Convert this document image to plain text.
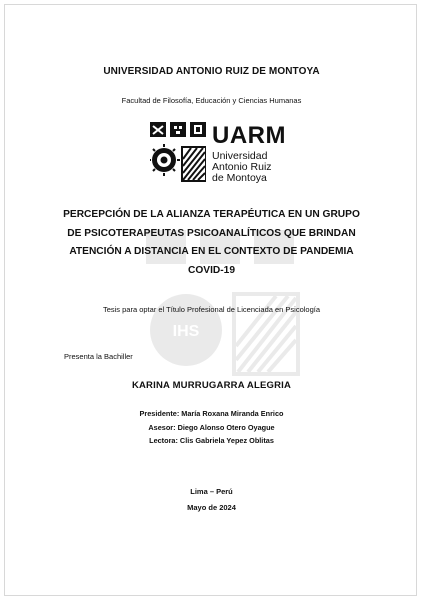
IHS
UNIVERSIDAD ANTONIO RUIZ DE MONTOYA
Facultad de Filosofía, Educación y Ciencias Humanas
UARM
Universidad
Antonio Ruiz
de Montoya
PERCEPCIÓN DE LA ALIANZA TERAPÉUTICA EN UN GRUPO DE PSICOTERAPEUTAS PSICOANALÍTICOS QUE BRINDAN ATENCIÓN A DISTANCIA EN EL CONTEXTO DE PANDEMIA COVID-19
Tesis para optar el Título Profesional de Licenciada en Psicología
Presenta la Bachiller
KARINA MURRUGARRA ALEGRIA
Presidente: María Roxana Miranda Enrico
Asesor: Diego Alonso Otero Oyague
Lectora: Clis Gabriela Yepez Oblitas
Lima – Perú
Mayo de 2024
